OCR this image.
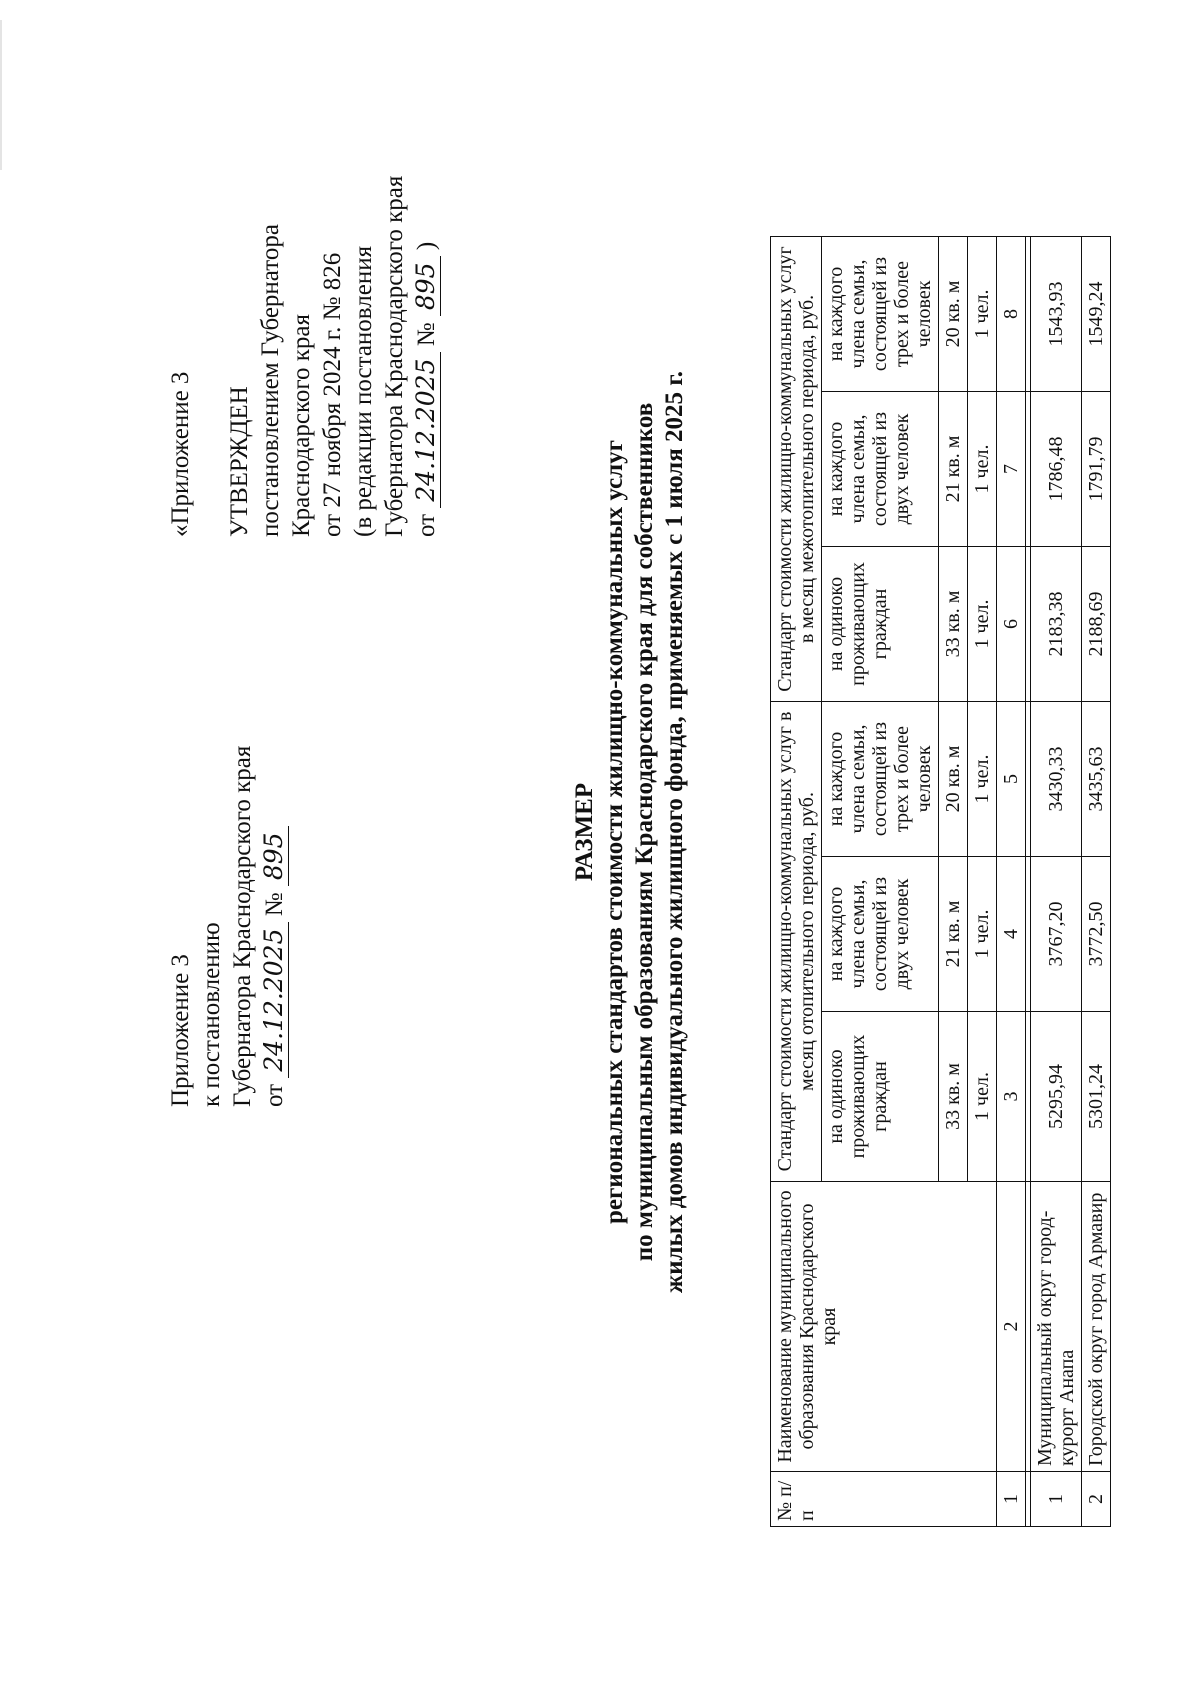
Приложение 3 к постановлению Губернатора Краснодарского края от 24.12.2025 № 895
«Приложение 3 УТВЕРЖДЕН постановлением Губернатора Краснодарского края от 27 ноября 2024 г. № 826 (в редакции постановления Губернатора Краснодарского края от 24.12.2025 № 895 )
РАЗМЕР региональных стандартов стоимости жилищно-коммунальных услуг по муниципальным образованиям Краснодарского края для собственников жилых домов индивидуального жилищного фонда, применяемых с 1 июля 2025 г.
№ п/п	Наименование муниципального образования Краснодарского края	Стандарт стоимости жилищно-коммунальных услуг в месяц отопительного периода, руб.			Стандарт стоимости жилищно-коммунальных услуг в месяц межотопительного периода, руб.		
		на одиноко проживающих граждан	на каждого члена семьи, состоящей из двух человек	на каждого члена семьи, состоящей из трех и более человек	на одиноко проживающих граждан	на каждого члена семьи, состоящей из двух человек	на каждого члена семьи, состоящей из трех и более человек
		33 кв. м	21 кв. м	20 кв. м	33 кв. м	21 кв. м	20 кв. м
		1 чел.	1 чел.	1 чел.	1 чел.	1 чел.	1 чел.
1	2	3	4	5	6	7	8

1	Муниципальный округ город-курорт Анапа	5295,94	3767,20	3430,33	2183,38	1786,48	1543,93
2	Городской округ город Армавир	5301,24	3772,50	3435,63	2188,69	1791,79	1549,24
